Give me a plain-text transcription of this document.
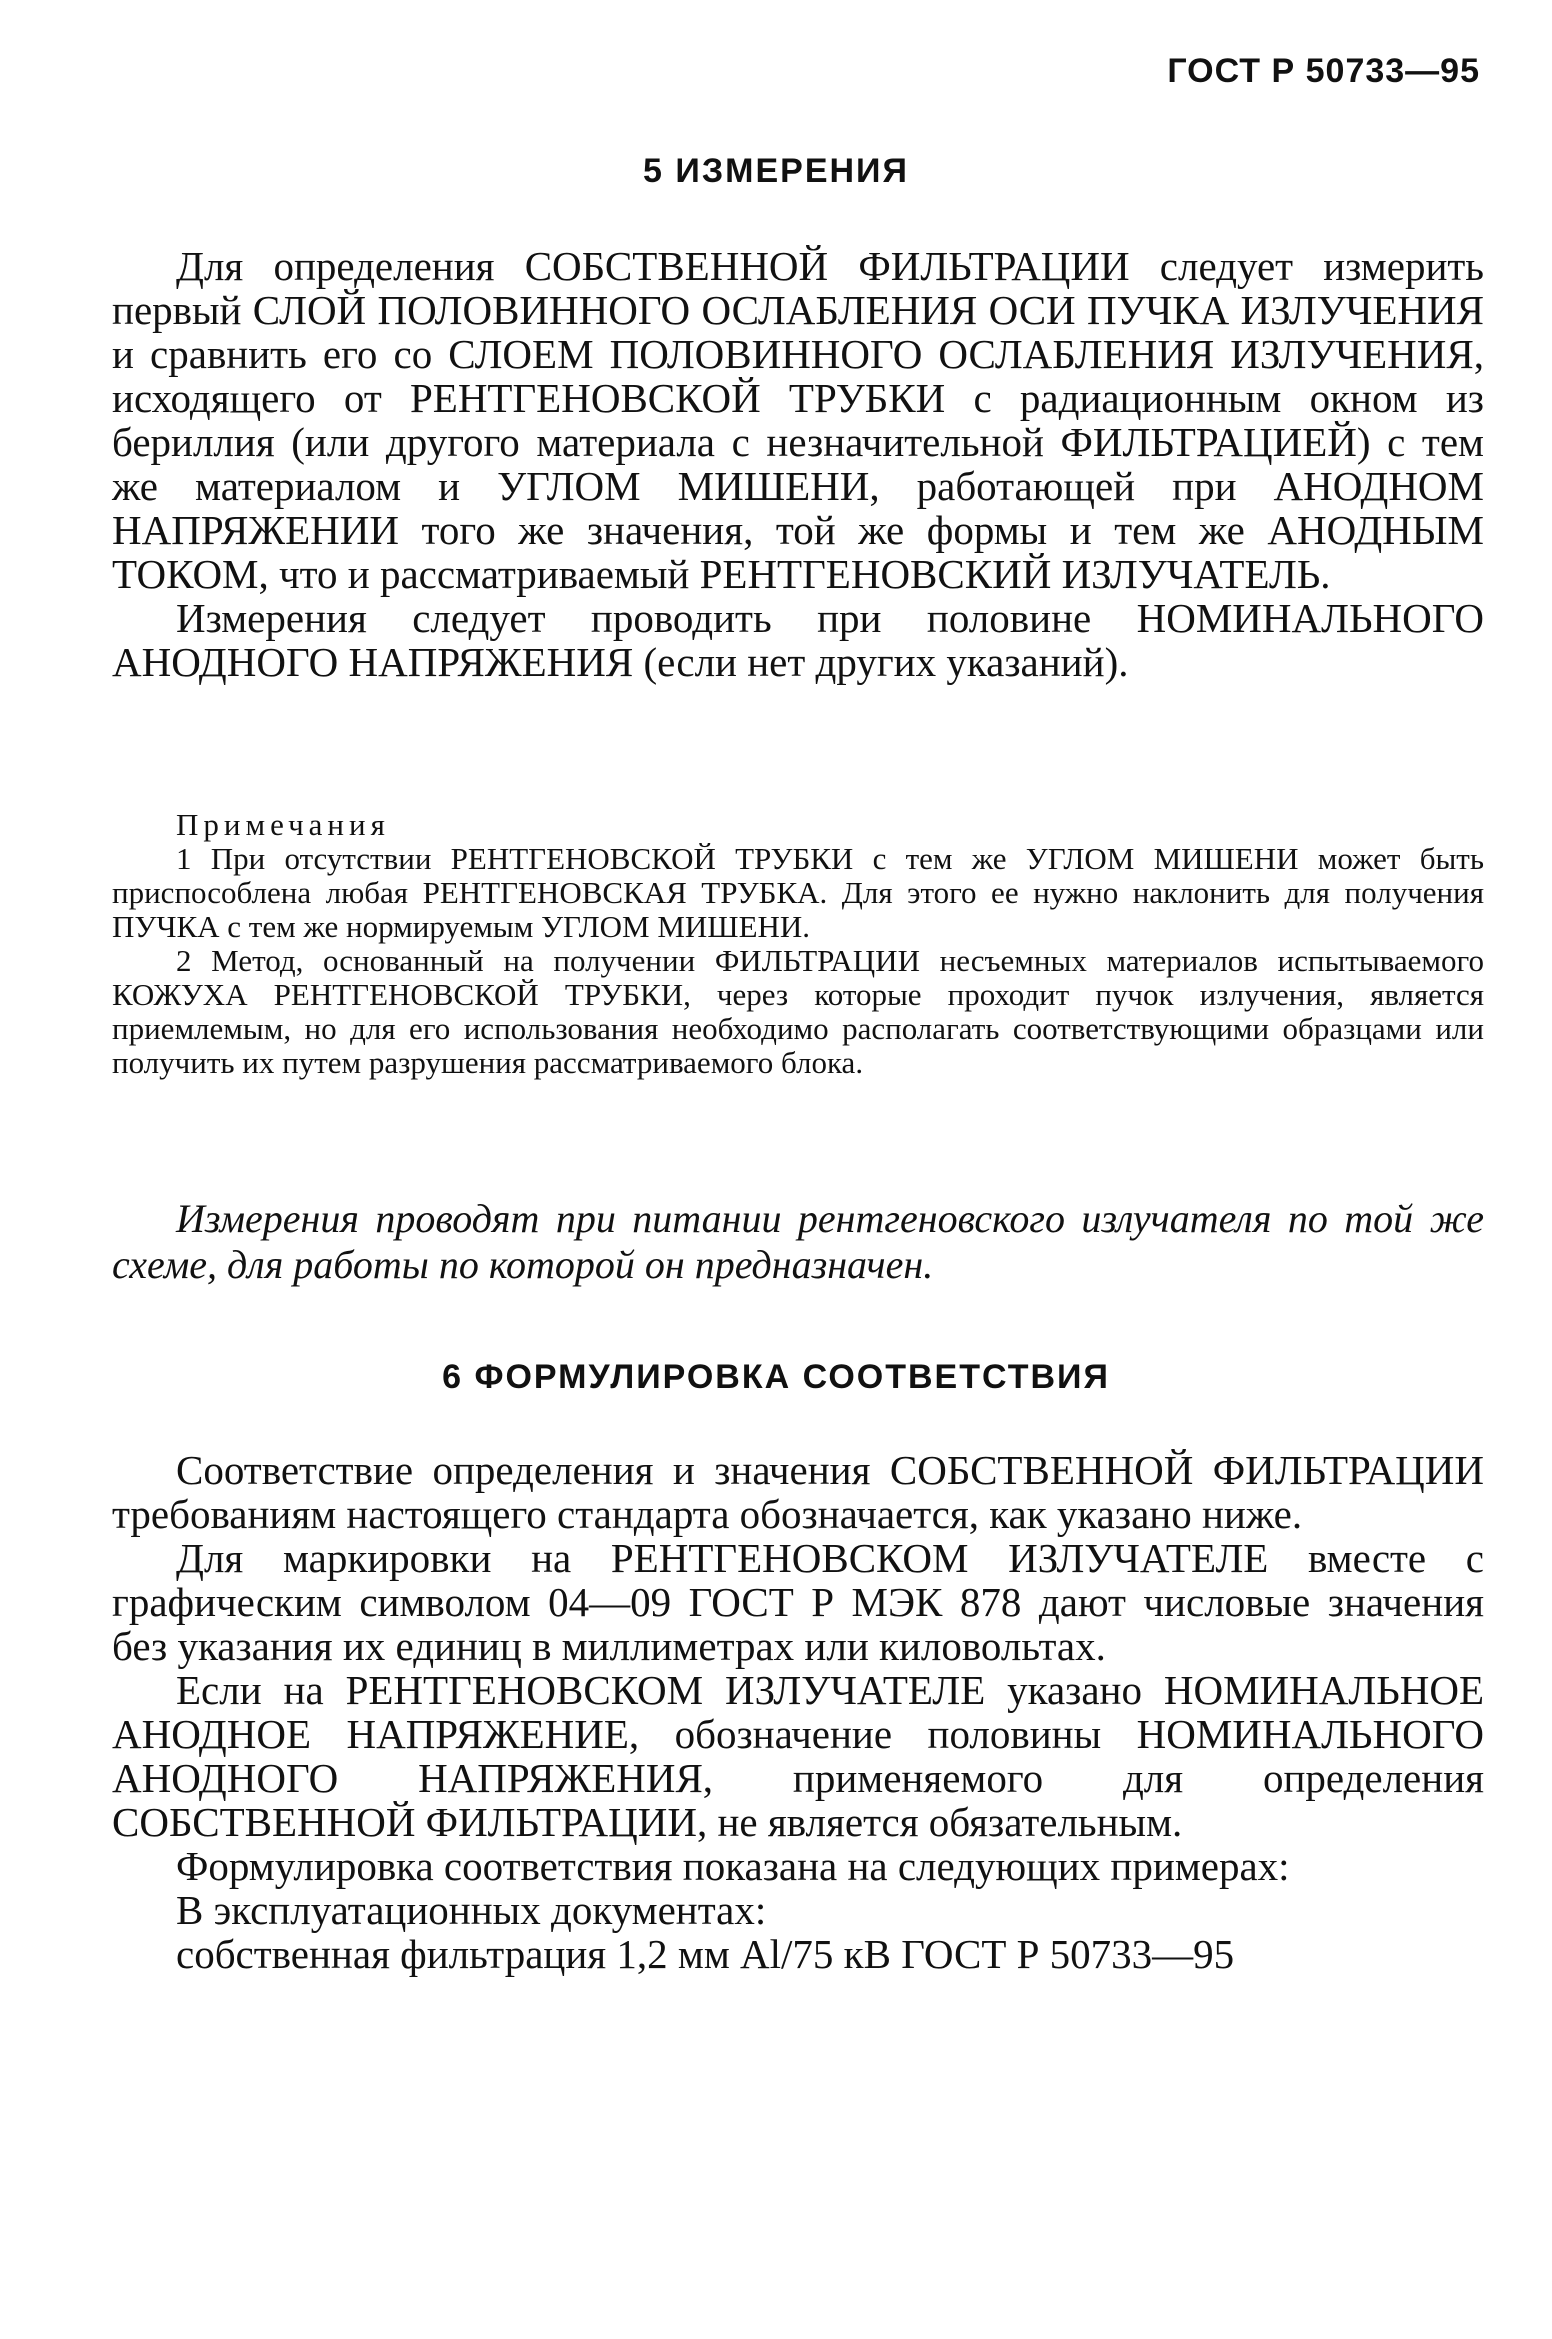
ГОСТ Р 50733—95
5 ИЗМЕРЕНИЯ

Для определения СОБСТВЕННОЙ ФИЛЬТРАЦИИ следует измерить первый СЛОЙ ПОЛОВИННОГО ОСЛАБЛЕНИЯ ОСИ ПУЧКА ИЗЛУЧЕНИЯ и сравнить его со СЛОЕМ ПОЛОВИННОГО ОСЛАБЛЕНИЯ ИЗЛУЧЕНИЯ, исходящего от РЕНТГЕНОВСКОЙ ТРУБКИ с радиационным окном из бериллия (или другого материала с незначительной ФИЛЬТРАЦИЕЙ) с тем же материалом и УГЛОМ МИШЕНИ, работающей при АНОДНОМ НАПРЯЖЕНИИ того же значения, той же формы и тем же АНОДНЫМ ТОКОМ, что и рассматриваемый РЕНТГЕНОВСКИЙ ИЗЛУЧАТЕЛЬ.

Измерения следует проводить при половине НОМИНАЛЬНОГО АНОДНОГО НАПРЯЖЕНИЯ (если нет других указаний).

Примечания

1 При отсутствии РЕНТГЕНОВСКОЙ ТРУБКИ с тем же УГЛОМ МИШЕНИ может быть приспособлена любая РЕНТГЕНОВСКАЯ ТРУБКА. Для этого ее нужно наклонить для получения ПУЧКА с тем же нормируемым УГЛОМ МИШЕНИ.

2 Метод, основанный на получении ФИЛЬТРАЦИИ несъемных материалов испытываемого КОЖУХА РЕНТГЕНОВСКОЙ ТРУБКИ, через которые проходит пучок излучения, является приемлемым, но для его использования необходимо располагать соответствующими образцами или получить их путем разрушения рассматриваемого блока.

Измерения проводят при питании рентгеновского излучателя по той же схеме, для работы по которой он предназначен.

6 ФОРМУЛИРОВКА СООТВЕТСТВИЯ

Соответствие определения и значения СОБСТВЕННОЙ ФИЛЬТРАЦИИ требованиям настоящего стандарта обозначается, как указано ниже.

Для маркировки на РЕНТГЕНОВСКОМ ИЗЛУЧАТЕЛЕ вместе с графическим символом 04—09 ГОСТ Р МЭК 878 дают числовые значения без указания их единиц в миллиметрах или киловольтах.

Если на РЕНТГЕНОВСКОМ ИЗЛУЧАТЕЛЕ указано НОМИНАЛЬНОЕ АНОДНОЕ НАПРЯЖЕНИЕ, обозначение половины НОМИНАЛЬНОГО АНОДНОГО НАПРЯЖЕНИЯ, применяемого для определения СОБСТВЕННОЙ ФИЛЬТРАЦИИ, не является обязательным.

Формулировка соответствия показана на следующих примерах:

В эксплуатационных документах:

собственная фильтрация 1,2 мм Al/75 кВ ГОСТ Р 50733—95
